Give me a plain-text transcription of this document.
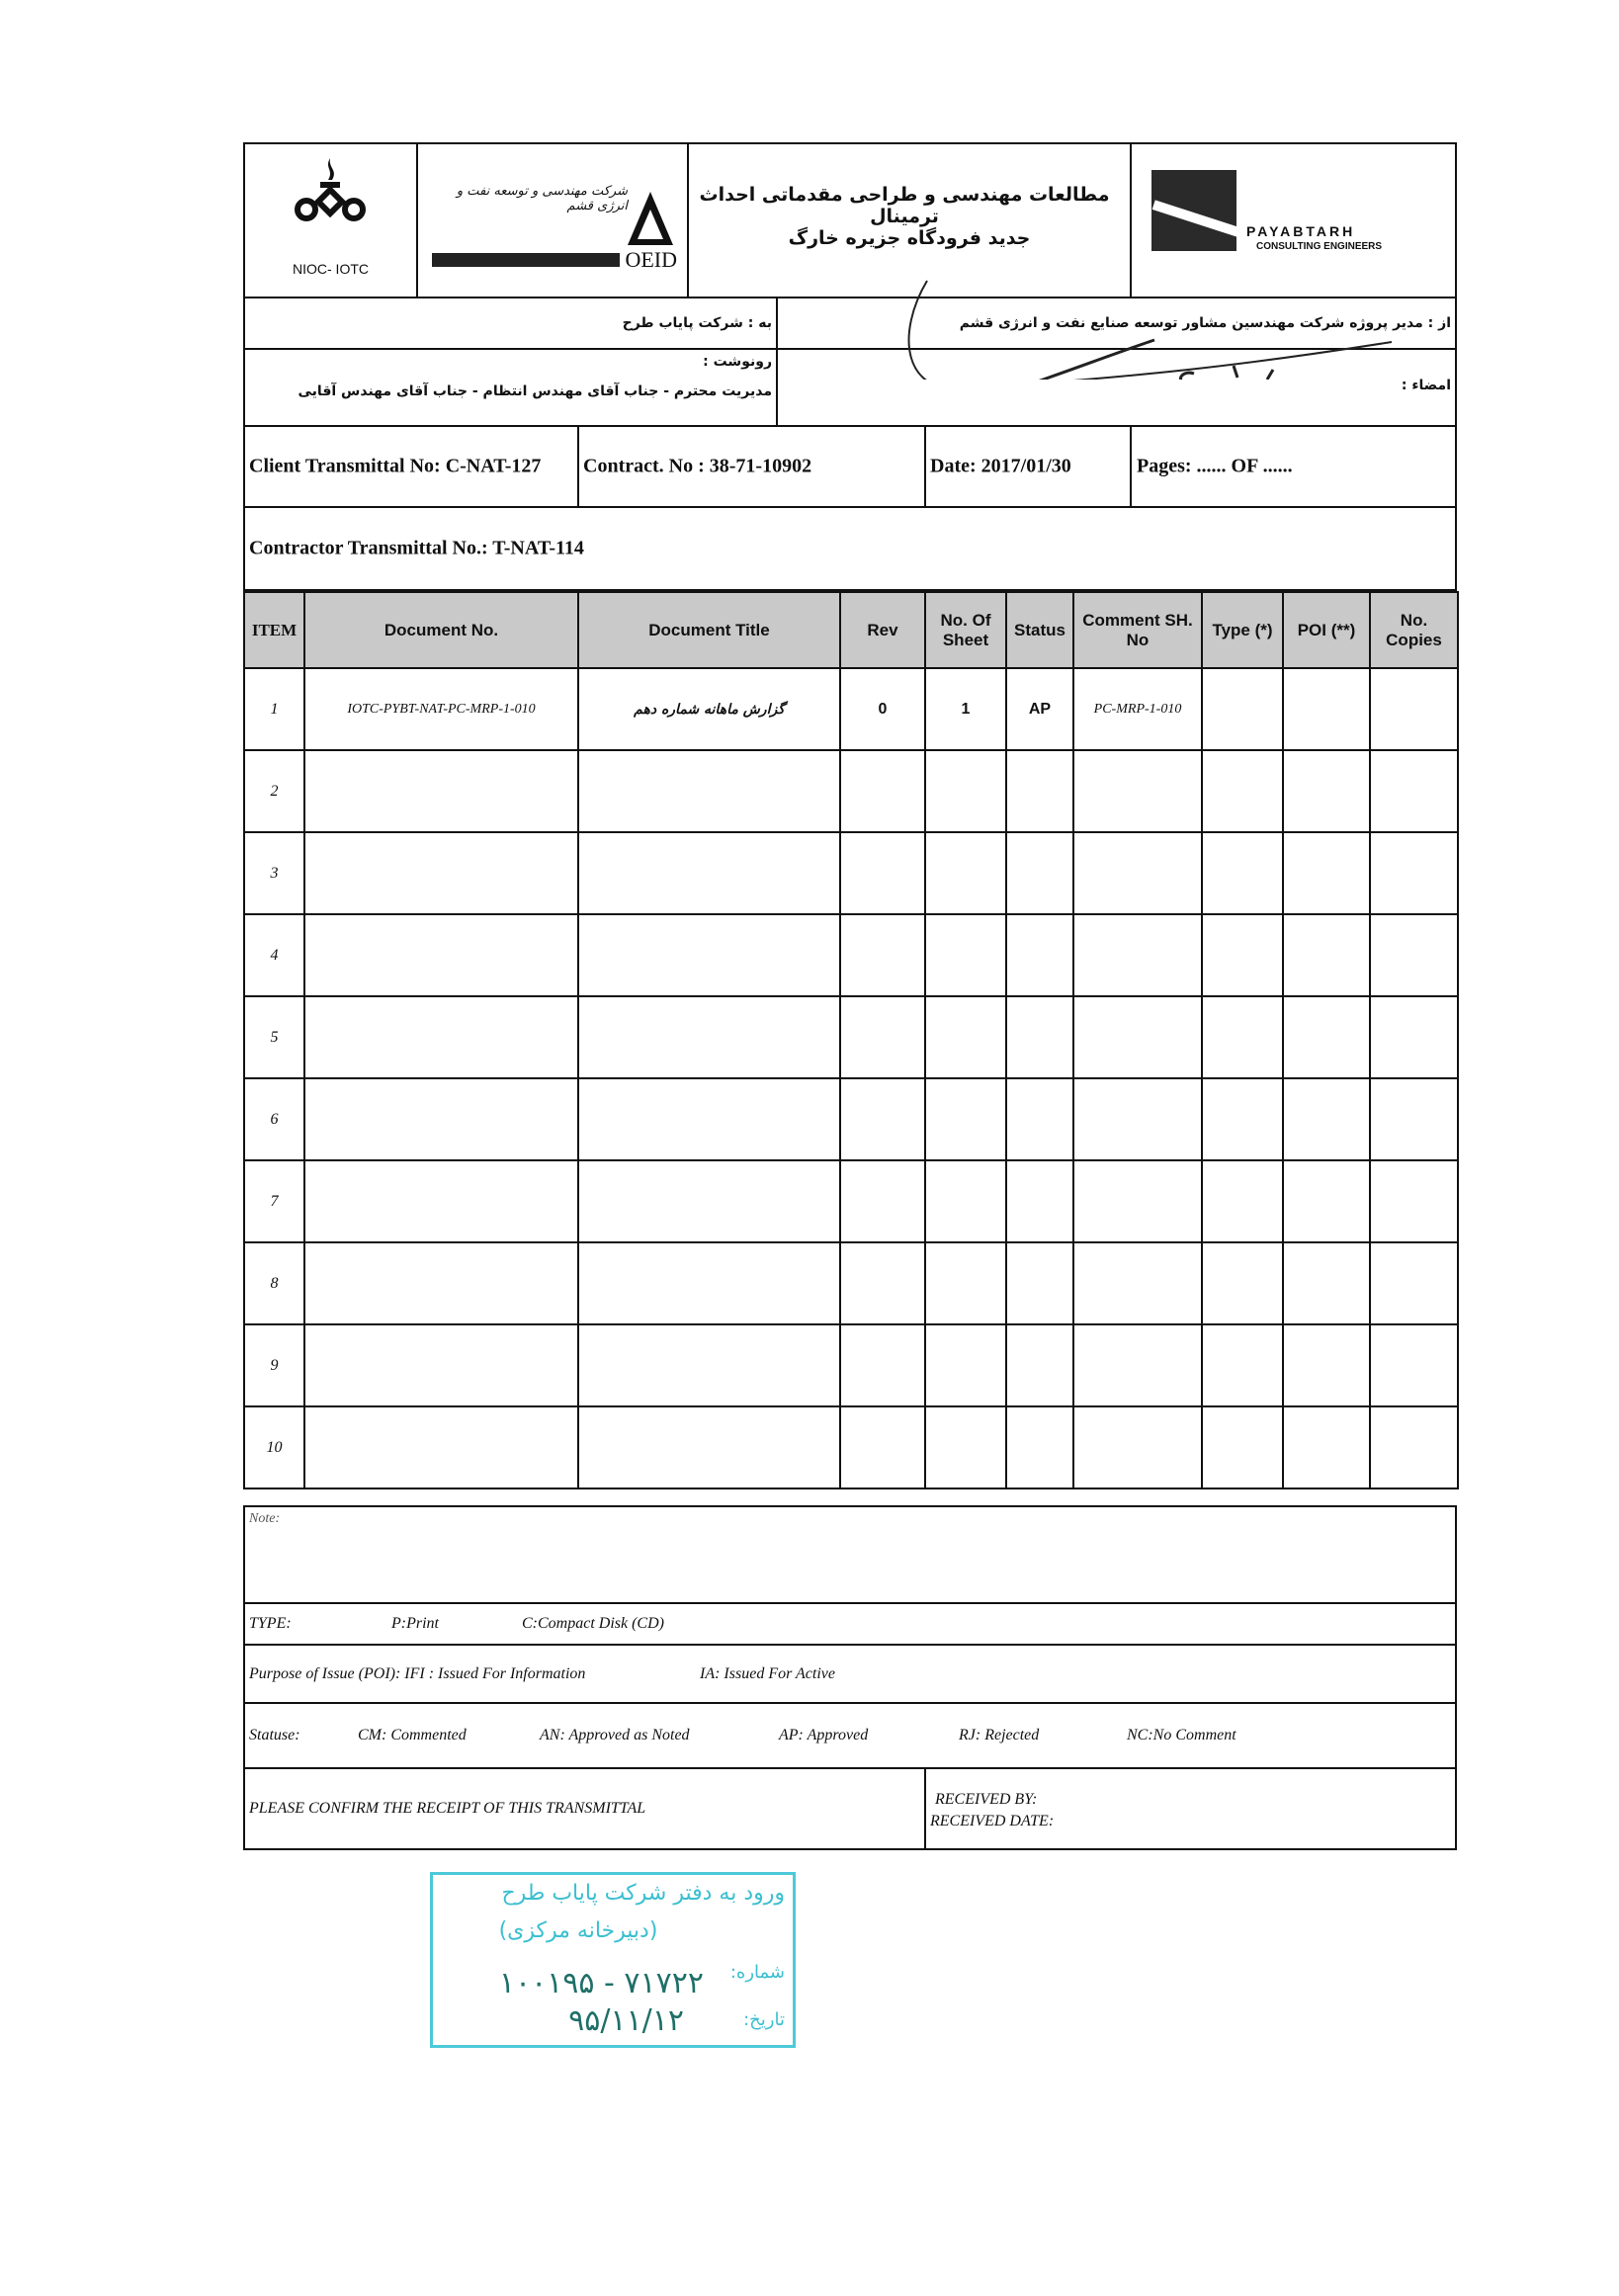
NIOC- IOTC
شرکت مهندسی و توسعه نفت و انرژی قشم
OEID
مطالعات مهندسی و طراحی مقدماتی احداث ترمینال
جدید فرودگاه جزیره خارگ	PAYABTARH
CONSULTING ENGINEERS
به : شرکت پایاب طرح	از : مدیر پروژه شرکت مهندسین مشاور توسعه صنایع نفت و انرژی قشم
رونوشت :
مدیریت محترم - جناب آقای مهندس انتظام - جناب آقای مهندس آقایی	امضاء :
Client Transmittal No: C-NAT-127 Contract. No : 38-71-10902	Date: 2017/01/30	Pages: ...... OF ......
Contractor Transmittal No.: T-NAT-114
ITEM	Document No.	Document Title	Rev	No. Of Sheet	Status	Comment SH. No	Type (*)	POI (**)	No. Copies
1	IOTC-PYBT-NAT-PC-MRP-1-010	گزارش ماهانه شماره دهم	0	1	AP	PC-MRP-1-010			
2									
3									
4									
5									
6									
7									
8									
9									
10									
Note:
TYPE:	P:Print	C:Compact Disk (CD)
Purpose of Issue (POI): IFI : Issued For Information	IA: Issued For Active
Statuse:	CM: Commented	AN: Approved as Noted	AP: Approved	RJ: Rejected	NC:No Comment
PLEASE CONFIRM THE RECEIPT OF THIS TRANSMITTAL
RECEIVED BY:
RECEIVED DATE:
ورود به دفتر شرکت پایاب طرح
(دبیرخانه مرکزی)
شماره:
۱۰۰۱۹۵ - ۷۱۷۲۲
تاریخ:
۹۵/۱۱/۱۲
